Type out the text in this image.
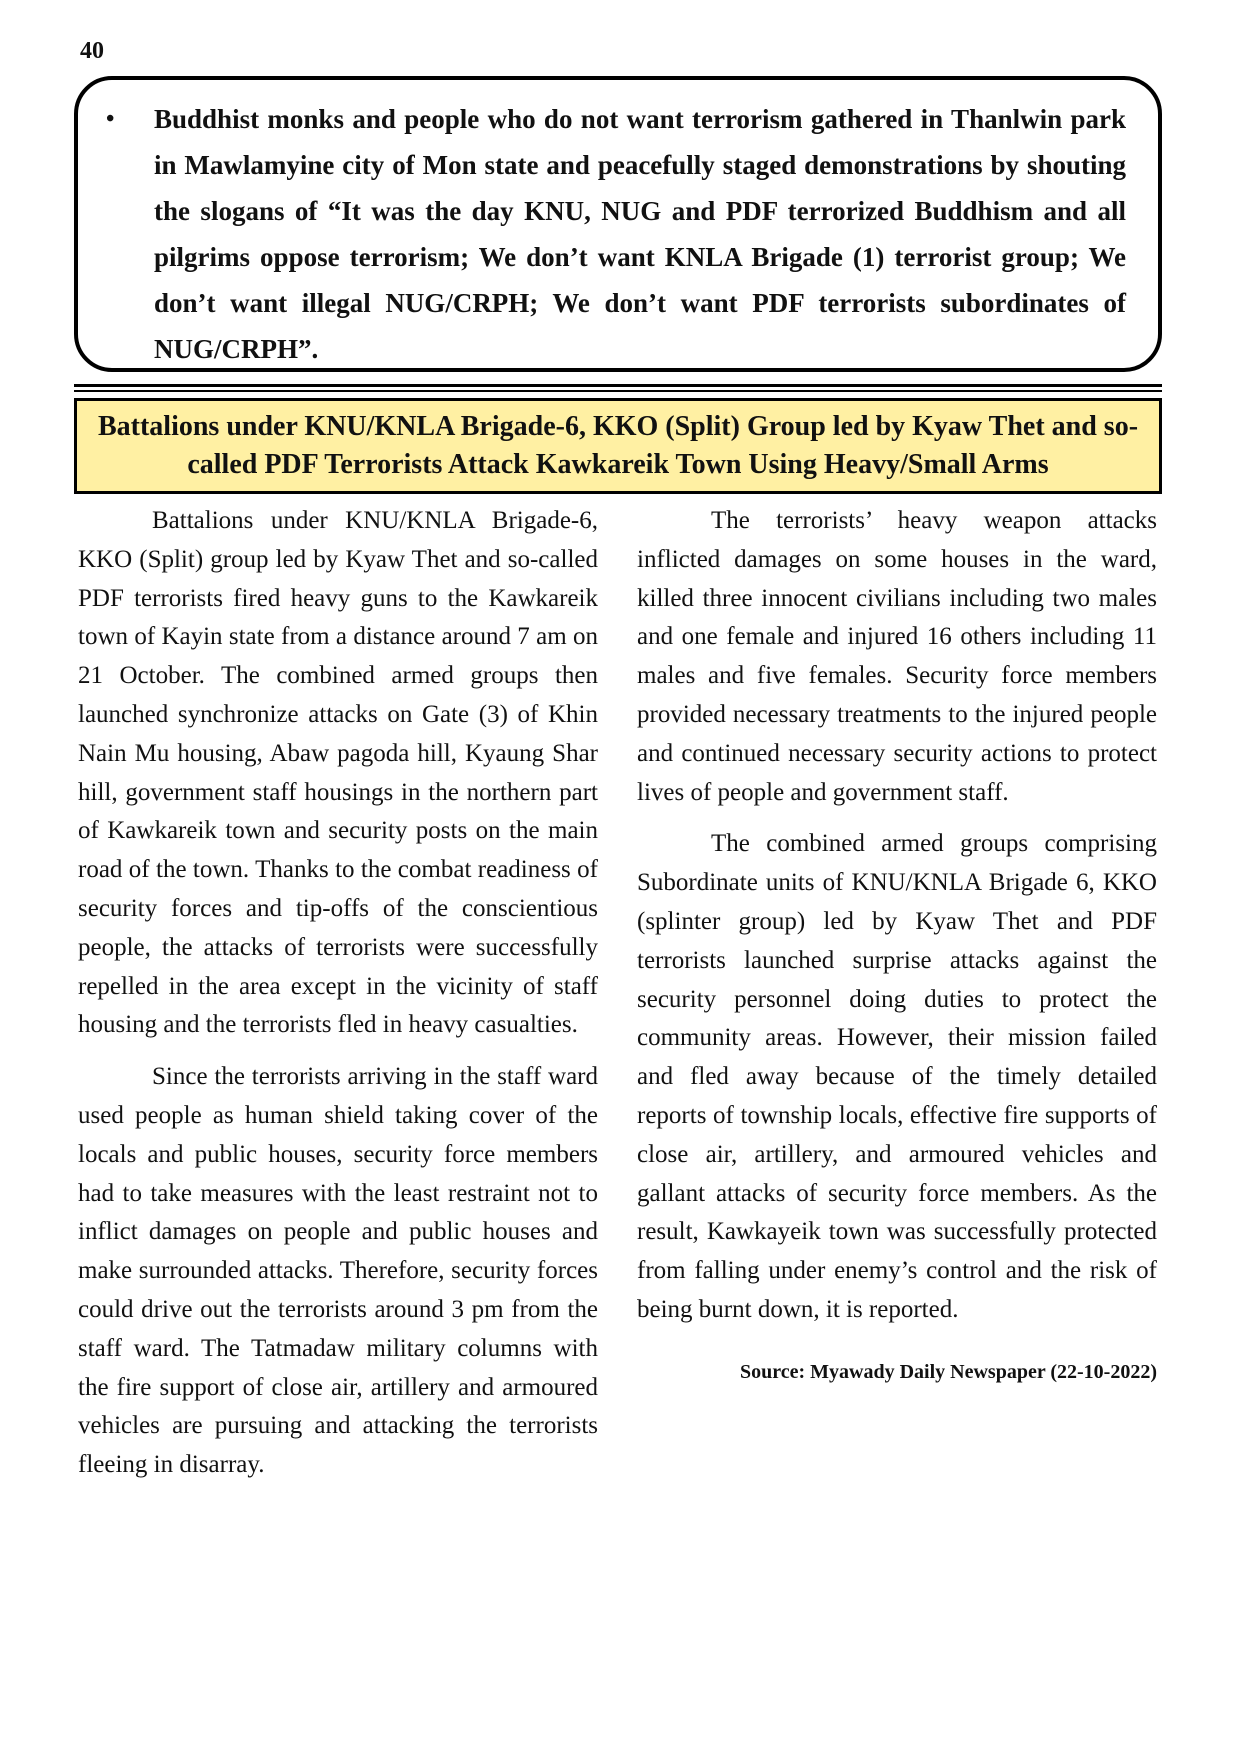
40

• Buddhist monks and people who do not want terrorism gathered in Thanlwin park in Mawlamyine city of Mon state and peacefully staged demonstrations by shouting the slogans of “It was the day KNU, NUG and PDF terrorized Buddhism and all pilgrims oppose terrorism; We don’t want KNLA Brigade (1) terrorist group; We don’t want illegal NUG/CRPH; We don’t want PDF terrorists subordinates of NUG/CRPH”.

Battalions under KNU/KNLA Brigade-6, KKO (Split) Group led by Kyaw Thet and so-called PDF Terrorists Attack Kawkareik Town Using Heavy/Small Arms

Battalions under KNU/KNLA Brigade-6, KKO (Split) group led by Kyaw Thet and so-called PDF terrorists fired heavy guns to the Kawkareik town of Kayin state from a distance around 7 am on 21 October. The combined armed groups then launched synchronize attacks on Gate (3) of Khin Nain Mu housing, Abaw pagoda hill, Kyaung Shar hill, government staff housings in the northern part of Kawkareik town and security posts on the main road of the town. Thanks to the combat readiness of security forces and tip-offs of the conscientious people, the attacks of terrorists were successfully repelled in the area except in the vicinity of staff housing and the terrorists fled in heavy casualties.

Since the terrorists arriving in the staff ward used people as human shield taking cover of the locals and public houses, security force members had to take measures with the least restraint not to inflict damages on people and public houses and make surrounded attacks. Therefore, security forces could drive out the terrorists around 3 pm from the staff ward. The Tatmadaw military columns with the fire support of close air, artillery and armoured vehicles are pursuing and attacking the terrorists fleeing in disarray.

The terrorists’ heavy weapon attacks inflicted damages on some houses in the ward, killed three innocent civilians including two males and one female and injured 16 others including 11 males and five females. Security force members provided necessary treatments to the injured people and continued necessary security actions to protect lives of people and government staff.

The combined armed groups comprising Subordinate units of KNU/KNLA Brigade 6, KKO (splinter group) led by Kyaw Thet and PDF terrorists launched surprise attacks against the security personnel doing duties to protect the community areas. However, their mission failed and fled away because of the timely detailed reports of township locals, effective fire supports of close air, artillery, and armoured vehicles and gallant attacks of security force members. As the result, Kawkayeik town was successfully protected from falling under enemy’s control and the risk of being burnt down, it is reported.

Source: Myawady Daily Newspaper (22-10-2022)
